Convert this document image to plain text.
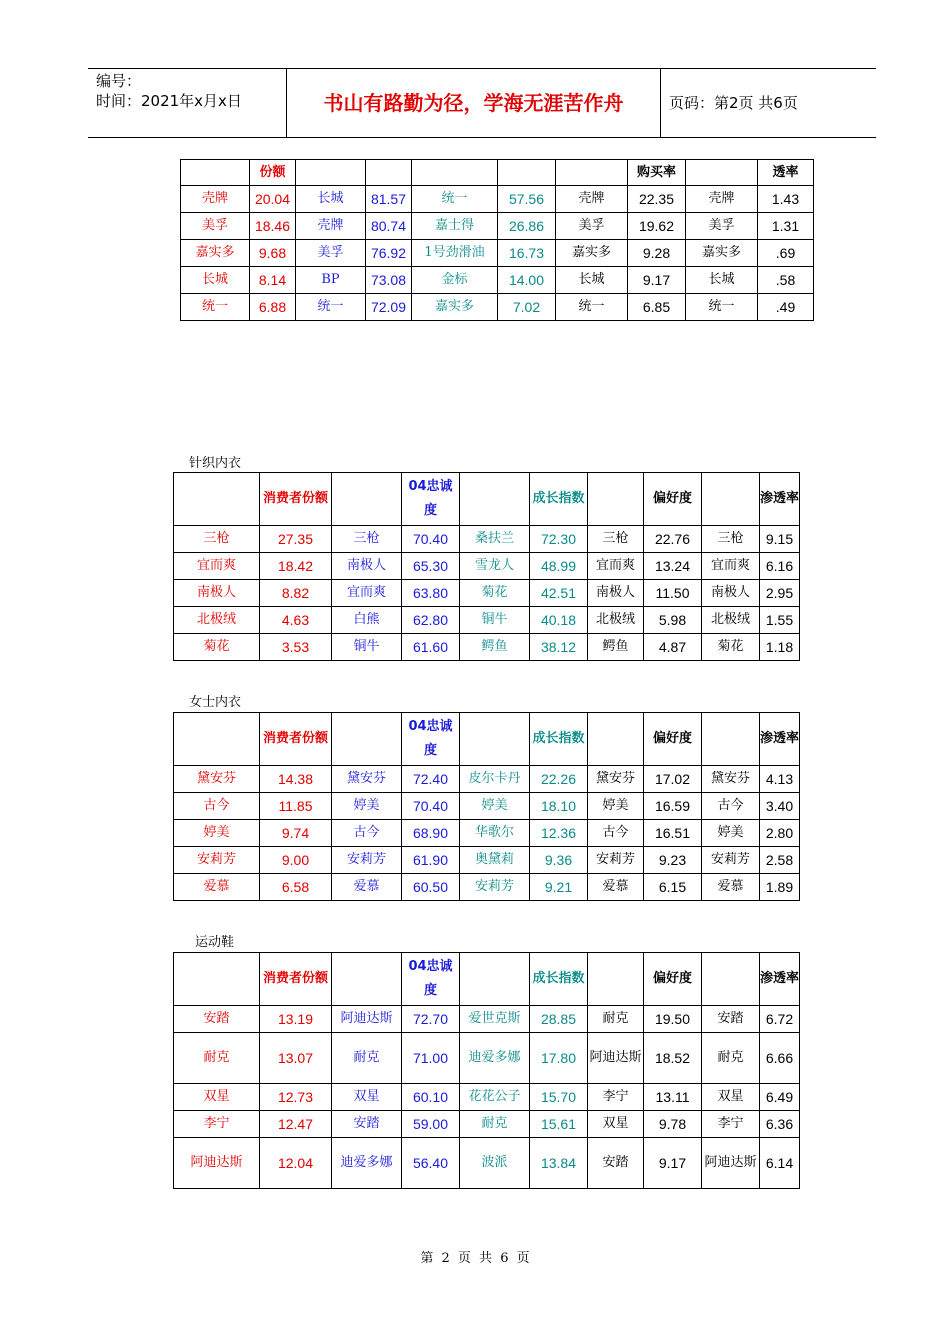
编号：
时间：2021年x月x日	书山有路勤为径，学海无涯苦作舟	页码：第2页 共6页
	份额						购买率		透率
壳牌	20.04	长城	81.57	统一	57.56	壳牌	22.35	壳牌	1.43
美孚	18.46	壳牌	80.74	嘉士得	26.86	美孚	19.62	美孚	1.31
嘉实多	9.68	美孚	76.92	1号劲滑油	16.73	嘉实多	9.28	嘉实多	.69
长城	8.14	BP	73.08	金标	14.00	长城	9.17	长城	.58
统一	6.88	统一	72.09	嘉实多	7.02	统一	6.85	统一	.49
针织内衣
	消费者份额		04忠诚度		成长指数		偏好度		渗透率
三枪	27.35	三枪	70.40	桑扶兰	72.30	三枪	22.76	三枪	9.15
宜而爽	18.42	南极人	65.30	雪龙人	48.99	宜而爽	13.24	宜而爽	6.16
南极人	8.82	宜而爽	63.80	菊花	42.51	南极人	11.50	南极人	2.95
北极绒	4.63	白熊	62.80	铜牛	40.18	北极绒	5.98	北极绒	1.55
菊花	3.53	铜牛	61.60	鳄鱼	38.12	鳄鱼	4.87	菊花	1.18
女士内衣
	消费者份额		04忠诚度		成长指数		偏好度		渗透率
黛安芬	14.38	黛安芬	72.40	皮尔卡丹	22.26	黛安芬	17.02	黛安芬	4.13
古今	11.85	婷美	70.40	婷美	18.10	婷美	16.59	古今	3.40
婷美	9.74	古今	68.90	华歌尔	12.36	古今	16.51	婷美	2.80
安莉芳	9.00	安莉芳	61.90	奥黛莉	9.36	安莉芳	9.23	安莉芳	2.58
爱慕	6.58	爱慕	60.50	安莉芳	9.21	爱慕	6.15	爱慕	1.89
运动鞋
	消费者份额		04忠诚度		成长指数		偏好度		渗透率
安踏	13.19	阿迪达斯	72.70	爱世克斯	28.85	耐克	19.50	安踏	6.72
耐克	13.07	耐克	71.00	迪爱多娜	17.80	阿迪达斯	18.52	耐克	6.66
双星	12.73	双星	60.10	花花公子	15.70	李宁	13.11	双星	6.49
李宁	12.47	安踏	59.00	耐克	15.61	双星	9.78	李宁	6.36
阿迪达斯	12.04	迪爱多娜	56.40	波派	13.84	安踏	9.17	阿迪达斯	6.14
第 2 页 共 6 页
